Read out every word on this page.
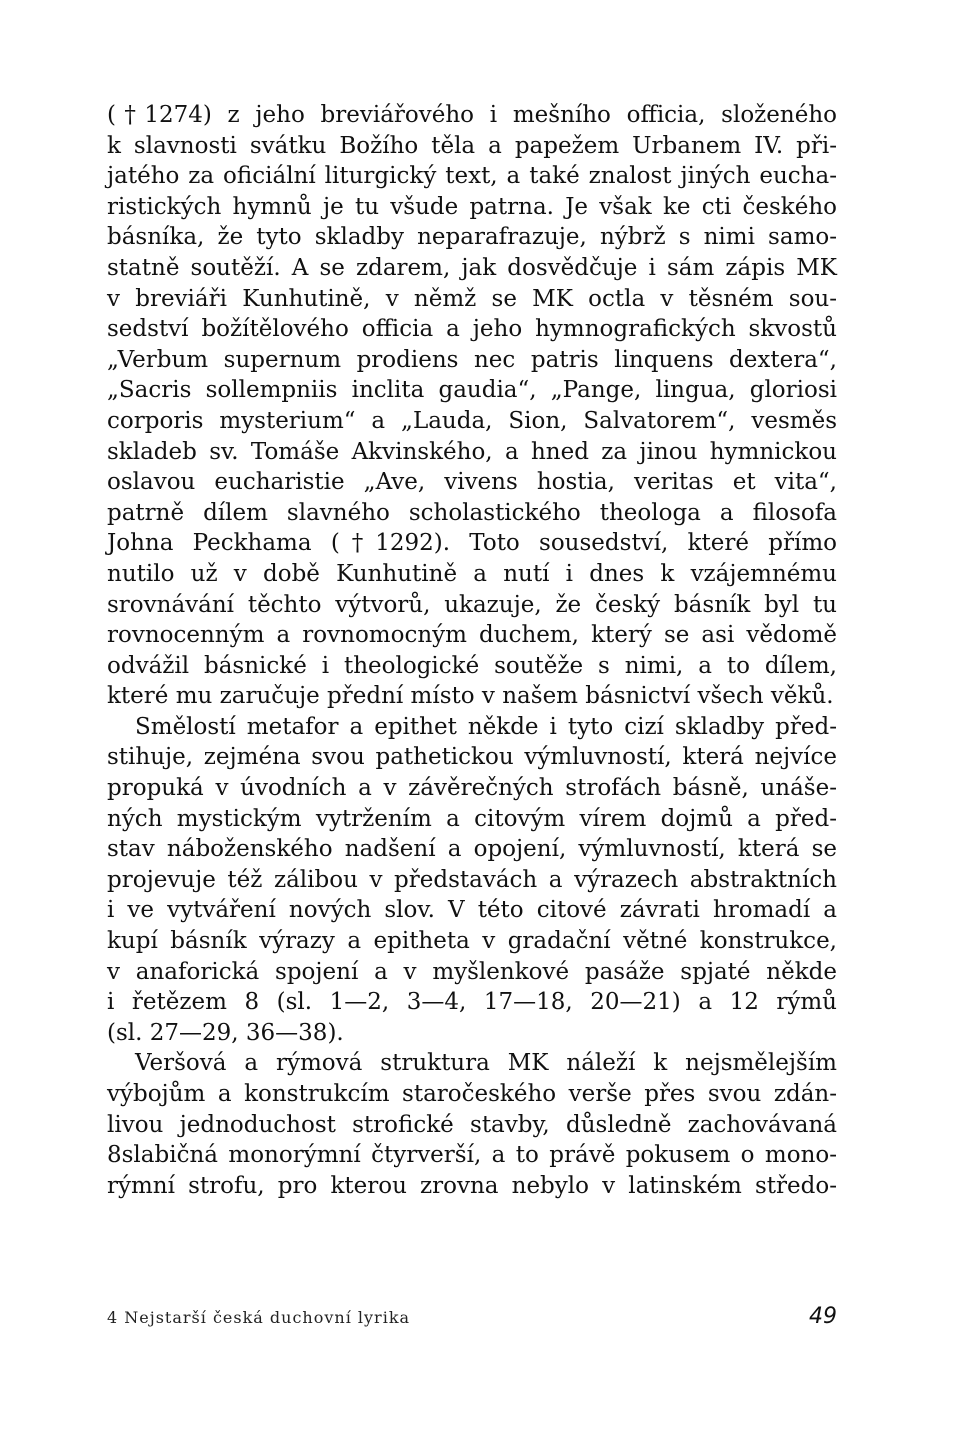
(†1274) z jeho breviářového i mešního officia, složeného
k slavnosti svátku Božího těla a papežem Urbanem IV. při-
jatého za oficiální liturgický text, a také znalost jiných eucha-
ristických hymnů je tu všude patrna. Je však ke cti českého
básníka, že tyto skladby neparafrazuje, nýbrž s nimi samo-
statně soutěží. A se zdarem, jak dosvědčuje i sám zápis MK
v breviáři Kunhutině, v němž se MK octla v těsném sou-
sedství božítělového officia a jeho hymnografických skvostů
„Verbum supernum prodiens nec patris linquens dextera“,
„Sacris sollempniis inclita gaudia“, „Pange, lingua, gloriosi
corporis mysterium“ a „Lauda, Sion, Salvatorem“, vesměs
skladeb sv. Tomáše Akvinského, a hned za jinou hymnickou
oslavou eucharistie „Ave, vivens hostia, veritas et vita“,
patrně dílem slavného scholastického theologa a filosofa
Johna Peckhama (†1292). Toto sousedství, které přímo
nutilo už v době Kunhutině a nutí i dnes k vzájemnému
srovnávání těchto výtvorů, ukazuje, že český básník byl tu
rovnocenným a rovnomocným duchem, který se asi vědomě
odvážil básnické i theologické soutěže s nimi, a to dílem,
které mu zaručuje přední místo v našem básnictví všech věků.
Smělostí metafor a epithet někde i tyto cizí skladby před-
stihuje, zejména svou pathetickou výmluvností, která nejvíce
propuká v úvodních a v závěrečných strofách básně, unáše-
ných mystickým vytržením a citovým vírem dojmů a před-
stav náboženského nadšení a opojení, výmluvností, která se
projevuje též zálibou v představách a výrazech abstraktních
i ve vytváření nových slov. V této citové závrati hromadí a
kupí básník výrazy a epitheta v gradační větné konstrukce,
v anaforická spojení a v myšlenkové pasáže spjaté někde
i řetězem 8 (sl. 1—2, 3—4, 17—18, 20—21) a 12 rýmů
(sl. 27—29, 36—38).
Veršová a rýmová struktura MK náleží k nejsmělejším
výbojům a konstrukcím staročeského verše přes svou zdán-
livou jednoduchost strofické stavby, důsledně zachovávaná
8slabičná monorýmní čtyrverší, a to právě pokusem o mono-
rýmní strofu, pro kterou zrovna nebylo v latinském středo-
4 Nejstarší česká duchovní lyrika	49
